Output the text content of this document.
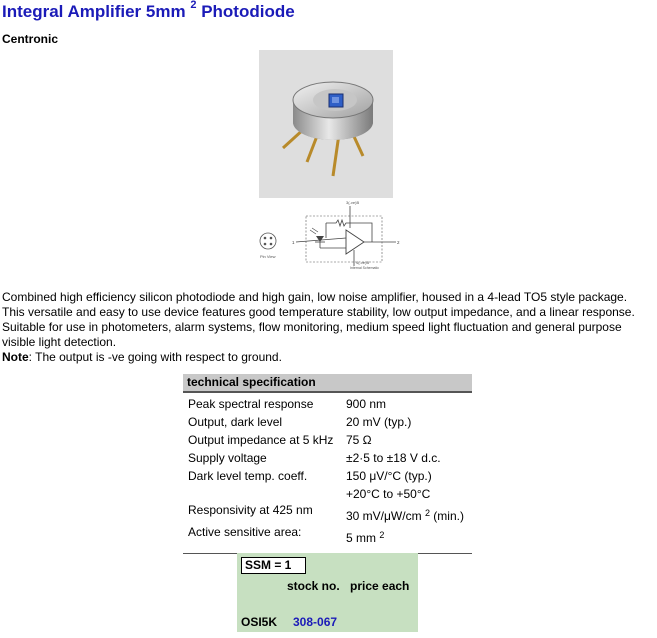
Integral Amplifier 5mm $^2$ Photodiode
Centronic
Pin View
3(-ve)B
2
1
4(-ve)B
Internal Schematic

Combined high efficiency silicon photodiode and high gain, low noise amplifier, housed in a 4-lead TO5 style package.

This versatile and easy to use device features good temperature stability, low output impedance, and a linear response.

Suitable for use in photometers, alarm systems, flow monitoring, medium speed light fluctuation and general purpose

visible light detection.

Note: The output is -ve going with respect to ground.

technical specification
Peak spectral response	900 nm
Output, dark level	20 mV (typ.)
Output impedance at 5 kHz 75 Ω
Supply voltage	±2·5 to ±18 V d.c.
Dark level temp. coeff.	150 μV/°C (typ.)
+20°C to +50°C
Responsivity at 425 nm	30 mV/μW/cm $^2$ (min.)
Active sensitive area:	5 mm $^2$
SSM = 1
stock no. price each
OSI5K 308-067
